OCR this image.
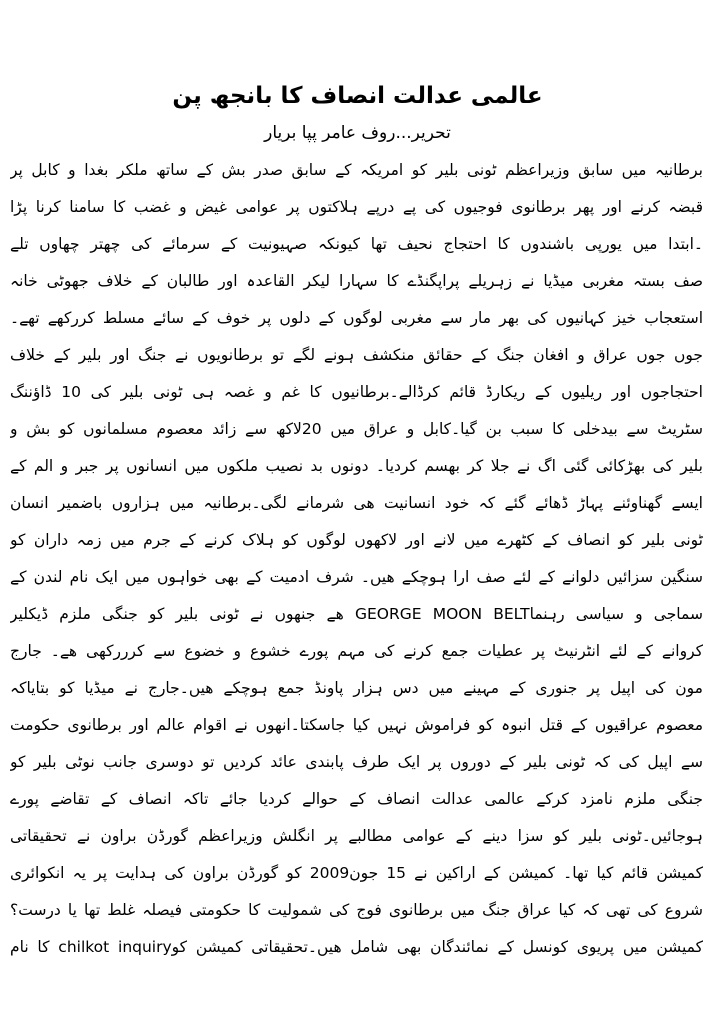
عالمی عدالت انصاف کا بانجھ پن
تحریر...روف عامر پپا بریار
برطانیہ میں سابق وزیراعظم ٹونی بلیر کو امریکہ کے سابق صدر بش کے ساتھ ملکر بغدا و کابل پر
قبضہ کرنے اور پھر برطانوی فوجیوں کی پے درپے ہلاکتوں پر عوامی غیض و غضب کا سامنا کرنا پڑا
۔ابتدا میں یورپی باشندوں کا احتجاج نحیف تھا کیونکہ صہیونیت کے سرمائے کی چھتر چھاوں تلے
صف بستہ مغربی میڈیا نے زہریلے پراپگنڈے کا سہارا لیکر القاعدہ اور طالبان کے خلاف جھوٹی خانہ
استعجاب خیز کہانیوں کی بھر مار سے مغربی لوگوں کے دلوں پر خوف کے سائے مسلط کررکھے تھے۔
جوں جوں عراق و افغان جنگ کے حقائق منکشف ہونے لگے تو برطانویوں نے جنگ اور بلیر کے خلاف
احتجاجوں اور ریلیوں کے ریکارڈ قائم کرڈالے۔برطانیوں کا غم و غصہ ہی ٹونی بلیر کی 10 ڈاؤننگ
سٹریٹ سے بیدخلی کا سبب بن گیا۔کابل و عراق میں 20لاکھ سے زائد معصوم مسلمانوں کو بش و
بلیر کی بھڑکائی گئی اگ نے جلا کر بھسم کردیا۔ دونوں بد نصیب ملکوں میں انسانوں پر جبر و الم کے
ایسے گھناوئنے پہاڑ ڈھائے گئے کہ خود انسانیت ھی شرمانے لگی۔برطانیہ میں ہزاروں باضمیر انسان
ٹونی بلیر کو انصاف کے کٹھرے میں لانے اور لاکھوں لوگوں کو ہلاک کرنے کے جرم میں زمہ داران کو
سنگین سزائیں دلوانے کے لئے صف ارا ہوچکے ھیں۔ شرف ادمیت کے بھی خواہوں میں ایک نام لندن کے
سماجی و سیاسی رہنماGEORGE MOON BELT ھے جنھوں نے ٹونی بلیر کو جنگی ملزم ڈیکلیر
کروانے کے لئے انٹرنیٹ پر عطیات جمع کرنے کی مہم پورے خشوع و خضوع سے کرررکھی ھے۔ جارج
مون کی اپیل پر جنوری کے مہینے میں دس ہزار پاونڈ جمع ہوچکے ھیں۔جارج نے میڈیا کو بتایاکہ
معصوم عراقیوں کے قتل انبوہ کو فراموش نہیں کیا جاسکتا۔انھوں نے اقوام عالم اور برطانوی حکومت
سے اپیل کی کہ ٹونی بلیر کے دوروں پر ایک طرف پابندی عائد کردیں تو دوسری جانب نوٹی بلیر کو
جنگی ملزم نامزد کرکے عالمی عدالت انصاف کے حوالے کردیا جائے تاکہ انصاف کے تقاضے پورے
ہوجائیں۔ٹونی بلیر کو سزا دینے کے عوامی مطالبے پر انگلش وزیراعظم گورڈن براون نے تحقیقاتی
کمیشن قائم کیا تھا۔ کمیشن کے اراکین نے 15 جون2009 کو گورڈن براون کی ہدایت پر یہ انکوائری
شروع کی تھی کہ کیا عراق جنگ میں برطانوی فوج کی شمولیت کا حکومتی فیصلہ غلط تھا یا درست؟
کمیشن میں پریوی کونسل کے نمائندگان بھی شامل ھیں۔تحقیقاتی کمیشن کوchilkot inquiry کا نام
